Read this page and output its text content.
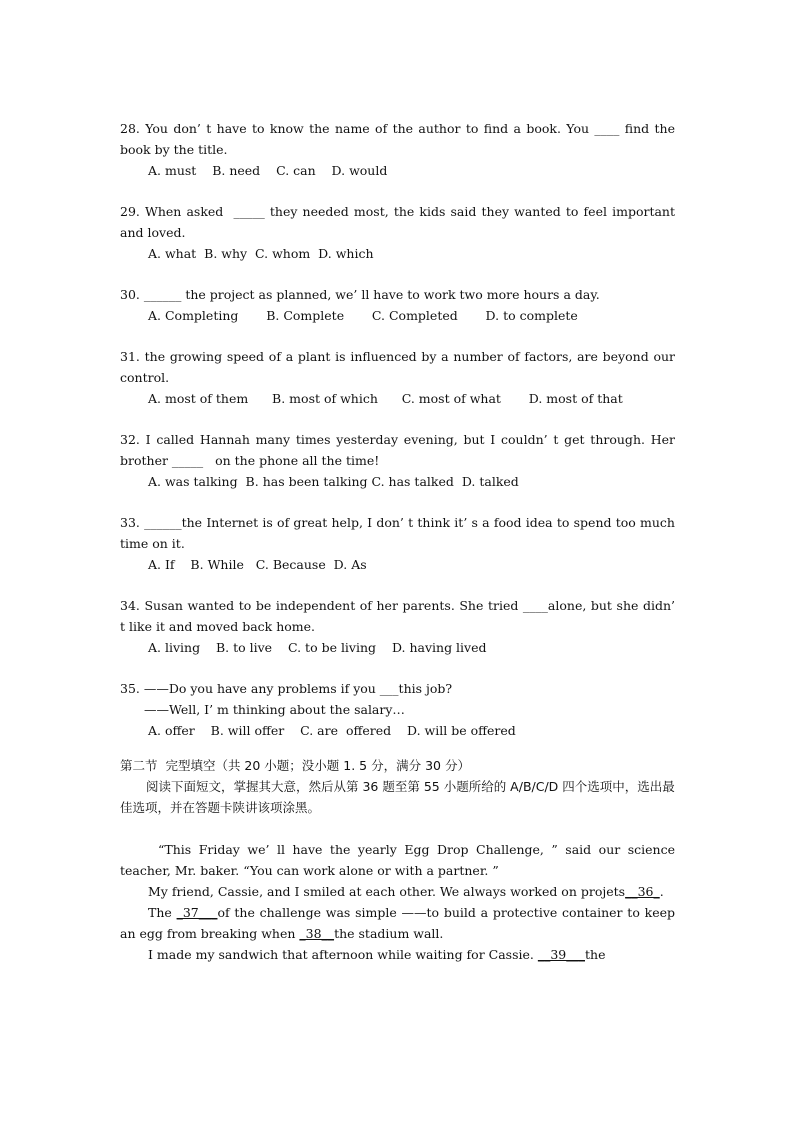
28. You don’ t have to know the name of the author to find a book. You ____ find the book by the title.
A. must    B. need    C. can    D. would
29. When asked  _____ they needed most, the kids said they wanted to feel important and loved.
A. what  B. why  C. whom  D. which
30. ______ the project as planned, we’ ll have to work two more hours a day.
A. Completing       B. Complete       C. Completed       D. to complete
31. the growing speed of a plant is influenced by a number of factors, are beyond our control.
A. most of them      B. most of which      C. most of what       D. most of that
32. I called Hannah many times yesterday evening, but I couldn’ t get through. Her brother _____   on the phone all the time!
A. was talking  B. has been talking C. has talked  D. talked
33. ______the Internet is of great help, I don’ t think it’ s a food idea to spend too much time on it.
A. If    B. While   C. Because  D. As
34. Susan wanted to be independent of her parents. She tried ____alone, but she didn’ t like it and moved back home.
A. living    B. to live    C. to be living    D. having lived
35. ——Do you have any problems if you ___this job?
——Well, I’ m thinking about the salary…
A. offer    B. will offer    C. are  offered    D. will be offered
第二节  完型填空（共 20 小题；没小题 1. 5 分，满分 30 分）
阅读下面短文，掌握其大意，然后从第 36 题至第 55 小题所给的 A/B/C/D 四个选项中，选出最佳选项，并在答题卡陕讲该项涂黑。

“This Friday we’ ll have the yearly Egg Drop Challenge, ” said our science teacher, Mr. baker. “You can work alone or with a partner. ”

My friend, Cassie, and I smiled at each other. We always worked on projets__36_.

The _37___of the challenge was simple ——to build a protective container to keep an egg from breaking when _38__the stadium wall.

I made my sandwich that afternoon while waiting for Cassie. __39___the
